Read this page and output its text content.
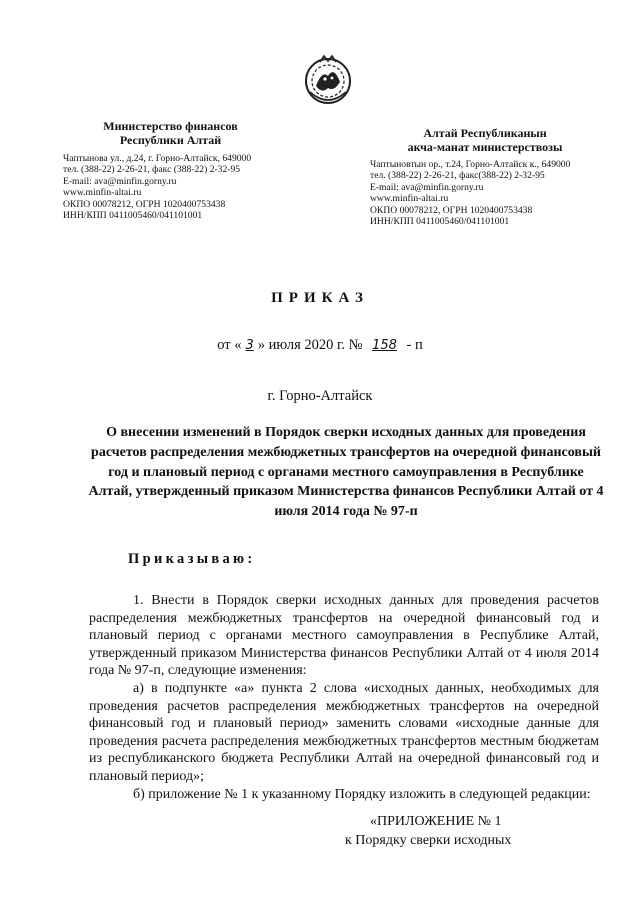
Министерство финансов
Республики Алтай
Чаптынова ул., д.24, г. Горно-Алтайск, 649000
тел. (388-22) 2-26-21, факс (388-22) 2-32-95
E-mail: ava@minfin.gorny.ru
www.minfin-altai.ru
ОКПО 00078212, ОГРН 1020400753438
ИНН/КПП 0411005460/041101001
Алтай Республиканын
акча-манат министерствозы
Чаптыновтын ор., т.24, Горно-Алтайск к., 649000
тел. (388-22) 2-26-21, факс(388-22) 2-32-95
E-mail: ava@minfin.gorny.ru
www.minfin-altai.ru
ОКПО 00078212, ОГРН 1020400753438
ИНН/КПП 0411005460/041101001
ПРИКАЗ
от « 3 » июля 2020 г. № 158 - п
г. Горно-Алтайск
О внесении изменений в Порядок сверки исходных данных для проведения расчетов распределения межбюджетных трансфертов на очередной финансовый год и плановый период с органами местного самоуправления в Республике Алтай, утвержденный приказом Министерства финансов Республики Алтай от 4 июля 2014 года № 97-п
Приказываю:

1. Внести в Порядок сверки исходных данных для проведения расчетов распределения межбюджетных трансфертов на очередной финансовый год и плановый период с органами местного самоуправления в Республике Алтай, утвержденный приказом Министерства финансов Республики Алтай от 4 июля 2014 года № 97-п, следующие изменения:

а) в подпункте «а» пункта 2 слова «исходных данных, необходимых для проведения расчетов распределения межбюджетных трансфертов на очередной финансовый год и плановый период» заменить словами «исходные данные для проведения расчета распределения межбюджетных трансфертов местным бюджетам из республиканского бюджета Республики Алтай на очередной финансовый год и плановый период»;

б) приложение № 1 к указанному Порядку изложить в следующей редакции:

«ПРИЛОЖЕНИЕ № 1
к Порядку сверки исходных
